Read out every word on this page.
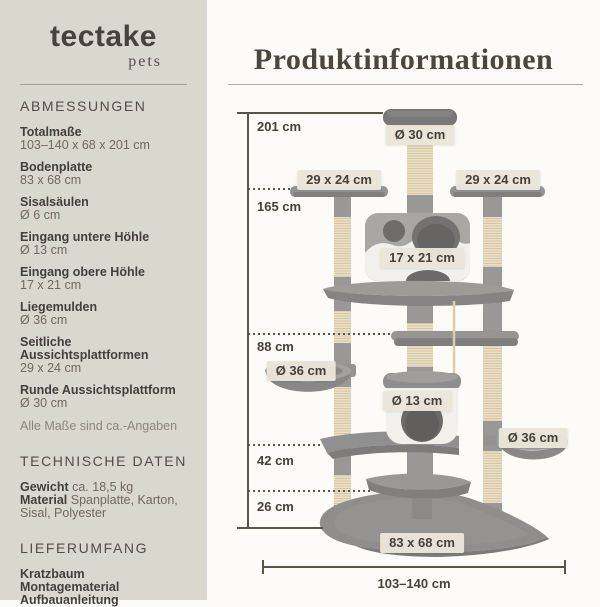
tectake
pets
ABMESSUNGEN
Totalmaße
103–140 x 68 x 201 cm
Bodenplatte
83 x 68 cm
Sisalsäulen
Ø 6 cm
Eingang untere Höhle
Ø 13 cm
Eingang obere Höhle
17 x 21 cm
Liegemulden
Ø 36 cm
Seitliche Aussichtsplattformen
29 x 24 cm
Runde Aussichtsplattform
Ø 30 cm
Alle Maße sind ca.-Angaben
TECHNISCHE DATEN
Gewicht ca. 18,5 kg
Material Spanplatte, Karton, Sisal, Polyester
LIEFERUMFANG
Kratzbaum
Montagematerial
Aufbauanleitung
Produktinformationen
201 cm
165 cm
88 cm
42 cm
26 cm
Ø 30 cm
29 x 24 cm	29 x 24 cm
17 x 21 cm
Ø 36 cm
Ø 13 cm
Ø 36 cm
83 x 68 cm
103–140 cm
